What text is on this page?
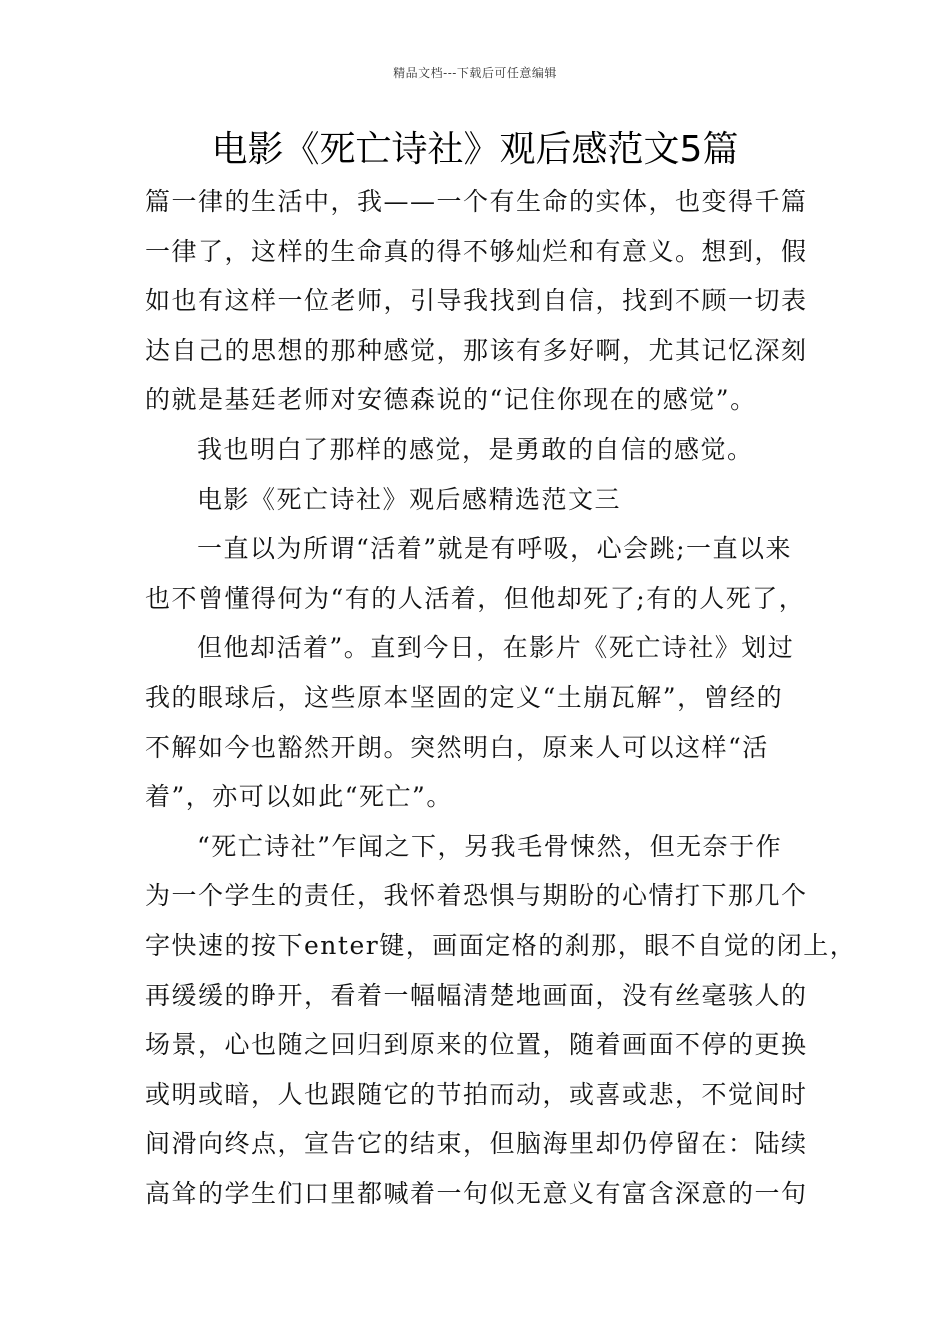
精品文档---下载后可任意编辑
电影《死亡诗社》观后感范文5篇
篇一律的生活中，我——一个有生命的实体，也变得千篇
一律了，这样的生命真的得不够灿烂和有意义。想到，假
如也有这样一位老师，引导我找到自信，找到不顾一切表
达自己的思想的那种感觉，那该有多好啊，尤其记忆深刻
的就是基廷老师对安德森说的“记住你现在的感觉”。
我也明白了那样的感觉，是勇敢的自信的感觉。
电影《死亡诗社》观后感精选范文三
一直以为所谓“活着”就是有呼吸，心会跳;一直以来
也不曾懂得何为“有的人活着，但他却死了;有的人死了，
但他却活着”。直到今日，在影片《死亡诗社》划过
我的眼球后，这些原本坚固的定义“土崩瓦解”，曾经的
不解如今也豁然开朗。突然明白，原来人可以这样“活
着”，亦可以如此“死亡”。
“死亡诗社”乍闻之下，另我毛骨悚然，但无奈于作
为一个学生的责任，我怀着恐惧与期盼的心情打下那几个
字快速的按下enter键，画面定格的刹那，眼不自觉的闭上，
再缓缓的睁开，看着一幅幅清楚地画面，没有丝毫骇人的
场景，心也随之回归到原来的位置，随着画面不停的更换
或明或暗，人也跟随它的节拍而动，或喜或悲，不觉间时
间滑向终点，宣告它的结束，但脑海里却仍停留在：陆续
高耸的学生们口里都喊着一句似无意义有富含深意的一句
